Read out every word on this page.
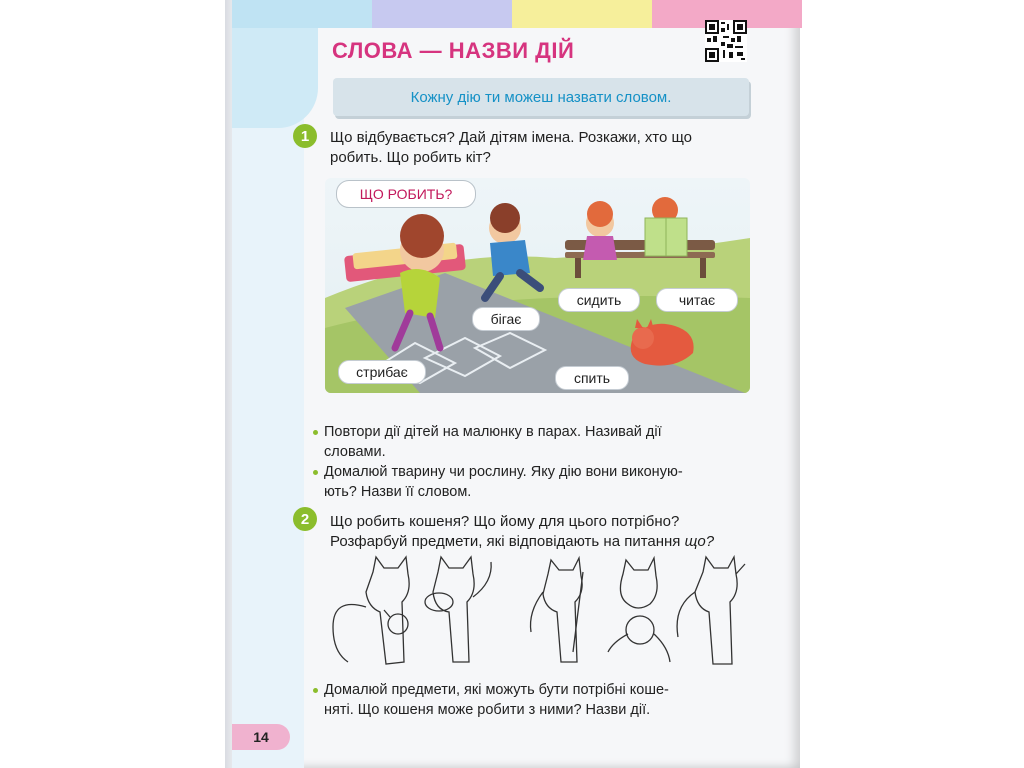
СЛОВА — НАЗВИ ДІЙ
Кожну дію ти можеш назвати словом.
1	Що відбувається? Дай дітям імена. Розкажи, хто що
робить. Що робить кіт?
ЩО РОБИТЬ?
сидить	читає
бігає
стрибає	спить
Повтори дії дітей на малюнку в парах. Називай дії
словами.
Домалюй тварину чи рослину. Яку дію вони виконую-
ють? Назви її словом.
2	Що робить кошеня? Що йому для цього потрібно?
Розфарбуй предмети, які відповідають на питання що?
Домалюй предмети, які можуть бути потрібні коше-
няті. Що кошеня може робити з ними? Назви дії.
14
